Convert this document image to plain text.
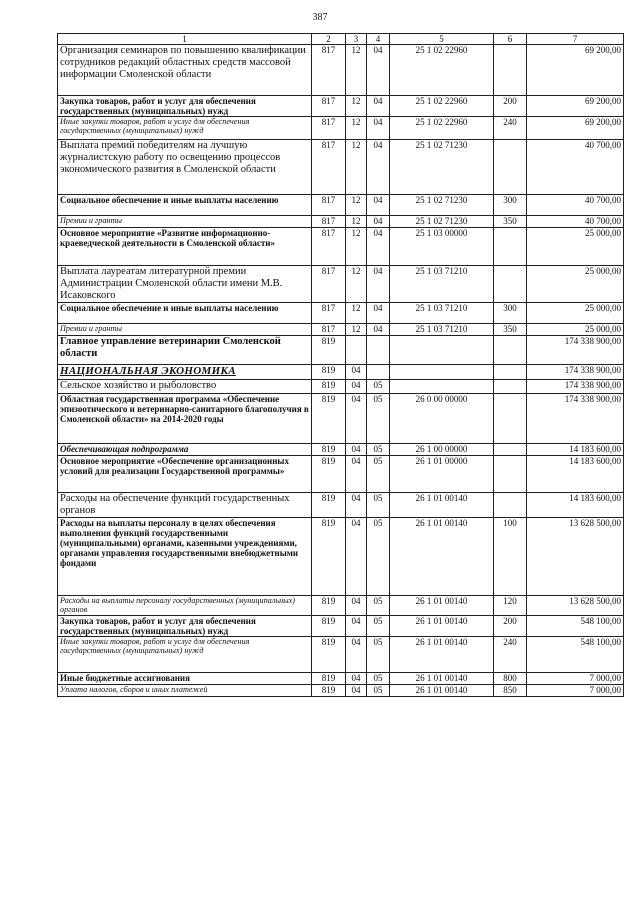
387
1	2	3	4	5	6	7
Организация семинаров по повышению квалификации сотрудников редакций областных средств массовой информации Смоленской области	817	12	04	25 1 02 22960		69 200,00
Закупка товаров, работ и услуг для обеспечения государственных (муниципальных) нужд	817	12	04	25 1 02 22960	200	69 200,00
Иные закупки товаров, работ и услуг для обеспечения государственных (муниципальных) нужд	817	12	04	25 1 02 22960	240	69 200,00
Выплата премий победителям на лучшую журналистскую работу по освещению процессов экономического развития в Смоленской области	817	12	04	25 1 02 71230		40 700,00
Социальное обеспечение и иные выплаты населению	817	12	04	25 1 02 71230	300	40 700,00
Премии и гранты	817	12	04	25 1 02 71230	350	40 700,00
Основное мероприятие «Развитие информационно-краеведческой деятельности в Смоленской области»	817	12	04	25 1 03 00000		25 000,00
Выплата лауреатам литературной премии Администрации Смоленской области имени М.В. Исаковского	817	12	04	25 1 03 71210		25 000,00
Социальное обеспечение и иные выплаты населению	817	12	04	25 1 03 71210	300	25 000,00
Премии и гранты	817	12	04	25 1 03 71210	350	25 000,00
Главное управление ветеринарии Смоленской области	819					174 338 900,00
НАЦИОНАЛЬНАЯ ЭКОНОМИКА	819	04				174 338 900,00
Сельское хозяйство и рыболовство	819	04	05			174 338 900,00
Областная государственная программа «Обеспечение эпизоотического и ветеринарно-санитарного благополучия в Смоленской области» на 2014-2020 годы	819	04	05	26 0 00 00000		174 338 900,00
Обеспечивающая подпрограмма	819	04	05	26 1 00 00000		14 183 600,00
Основное мероприятие «Обеспечение организационных условий для реализации Государственной программы»	819	04	05	26 1 01 00000		14 183 600,00
Расходы на обеспечение функций государственных органов	819	04	05	26 1 01 00140		14 183 600,00
Расходы на выплаты персоналу в целях обеспечения выполнения функций государственными (муниципальными) органами, казенными учреждениями, органами управления государственными внебюджетными фондами	819	04	05	26 1 01 00140	100	13 628 500,00
Расходы на выплаты персоналу государственных (муниципальных) органов	819	04	05	26 1 01 00140	120	13 628 500,00
Закупка товаров, работ и услуг для обеспечения государственных (муниципальных) нужд	819	04	05	26 1 01 00140	200	548 100,00
Иные закупки товаров, работ и услуг для обеспечения государственных (муниципальных) нужд	819	04	05	26 1 01 00140	240	548 100,00
Иные бюджетные ассигнования	819	04	05	26 1 01 00140	800	7 000,00
Уплата налогов, сборов и иных платежей	819	04	05	26 1 01 00140	850	7 000,00
